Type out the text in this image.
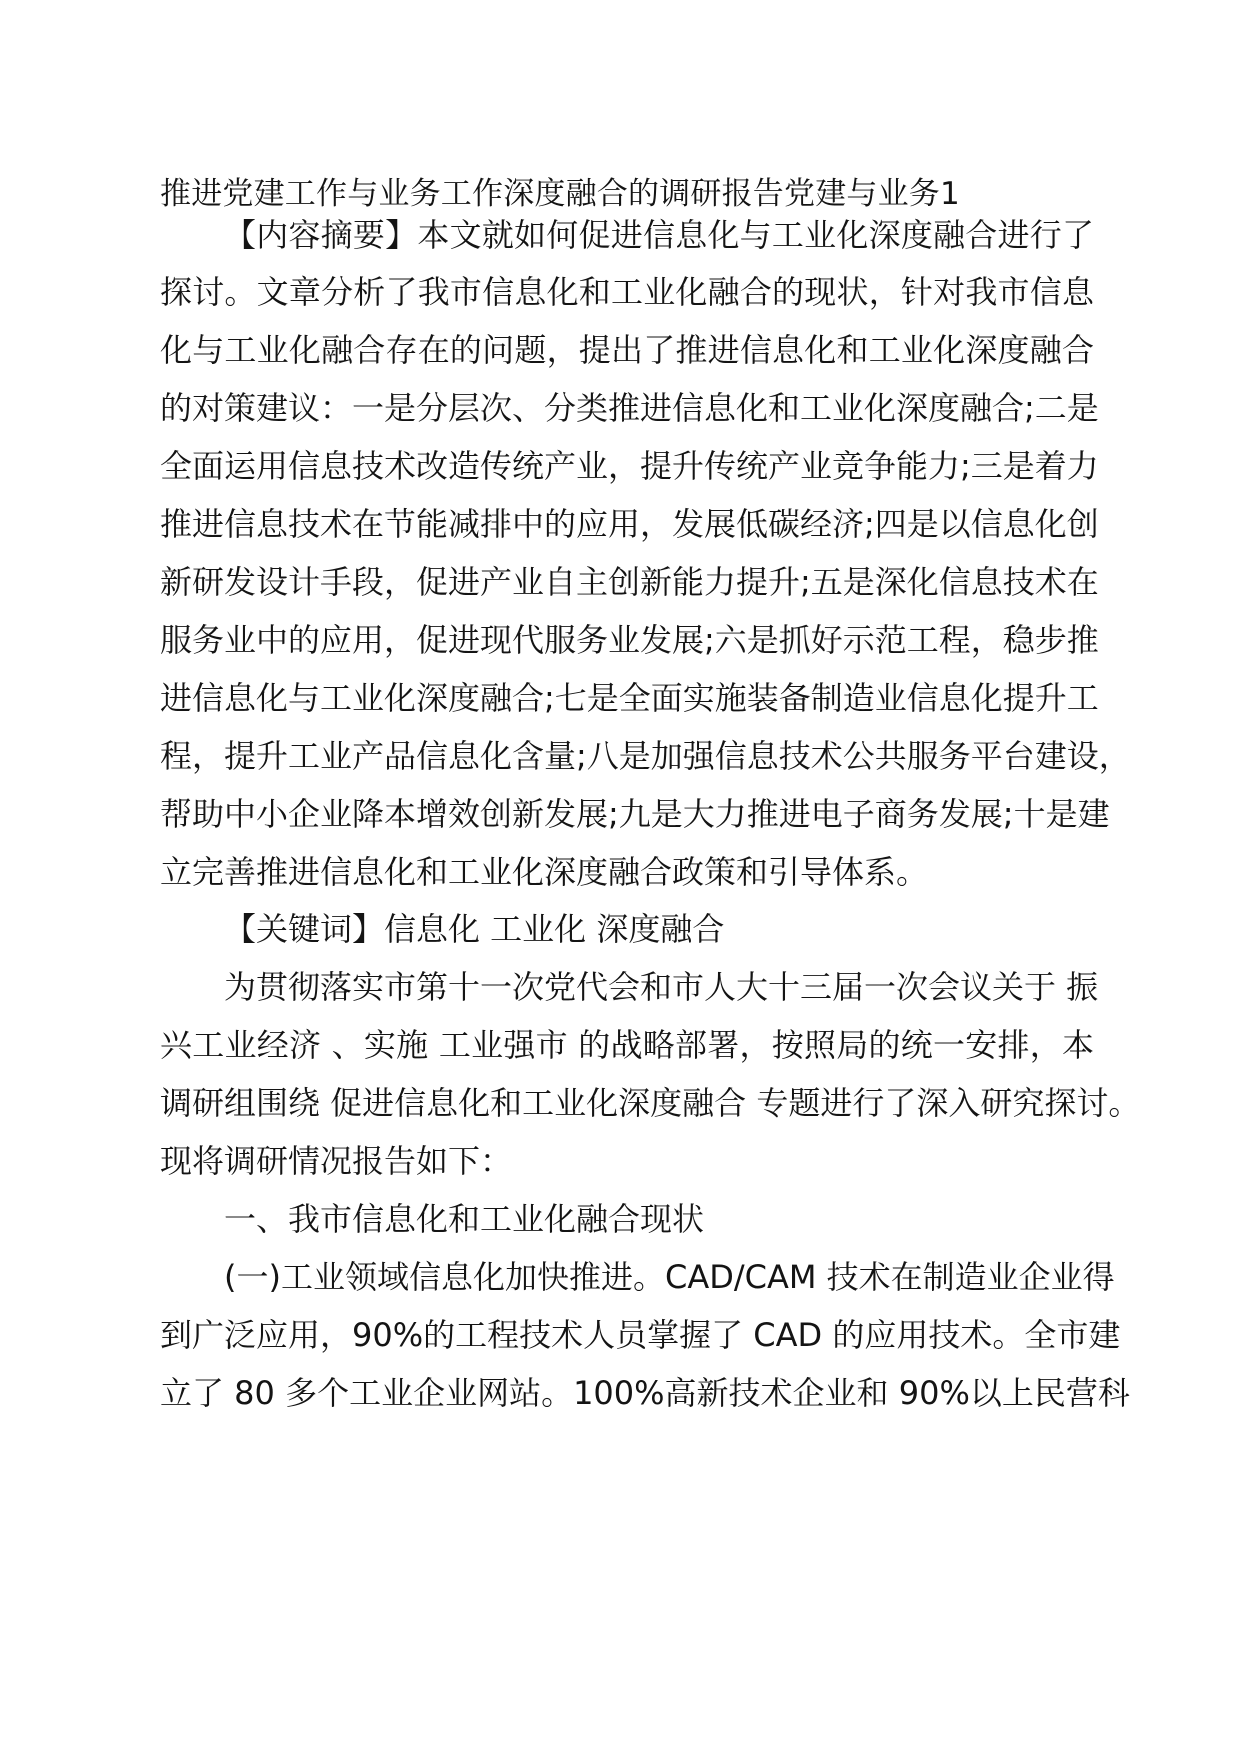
推进党建工作与业务工作深度融合的调研报告党建与业务1
【内容摘要】本文就如何促进信息化与工业化深度融合进行了
探讨。文章分析了我市信息化和工业化融合的现状，针对我市信息
化与工业化融合存在的问题，提出了推进信息化和工业化深度融合
的对策建议：一是分层次、分类推进信息化和工业化深度融合;二是
全面运用信息技术改造传统产业，提升传统产业竞争能力;三是着力
推进信息技术在节能减排中的应用，发展低碳经济;四是以信息化创
新研发设计手段，促进产业自主创新能力提升;五是深化信息技术在
服务业中的应用，促进现代服务业发展;六是抓好示范工程，稳步推
进信息化与工业化深度融合;七是全面实施装备制造业信息化提升工
程，提升工业产品信息化含量;八是加强信息技术公共服务平台建设，
帮助中小企业降本增效创新发展;九是大力推进电子商务发展;十是建
立完善推进信息化和工业化深度融合政策和引导体系。
【关键词】信息化 工业化 深度融合
为贯彻落实市第十一次党代会和市人大十三届一次会议关于 振
兴工业经济 、实施 工业强市 的战略部署，按照局的统一安排，本
调研组围绕 促进信息化和工业化深度融合 专题进行了深入研究探讨。
现将调研情况报告如下：
一、我市信息化和工业化融合现状
(一)工业领域信息化加快推进。CAD/CAM 技术在制造业企业得
到广泛应用，90%的工程技术人员掌握了 CAD 的应用技术。全市建
立了 80 多个工业企业网站。100%高新技术企业和 90%以上民营科
